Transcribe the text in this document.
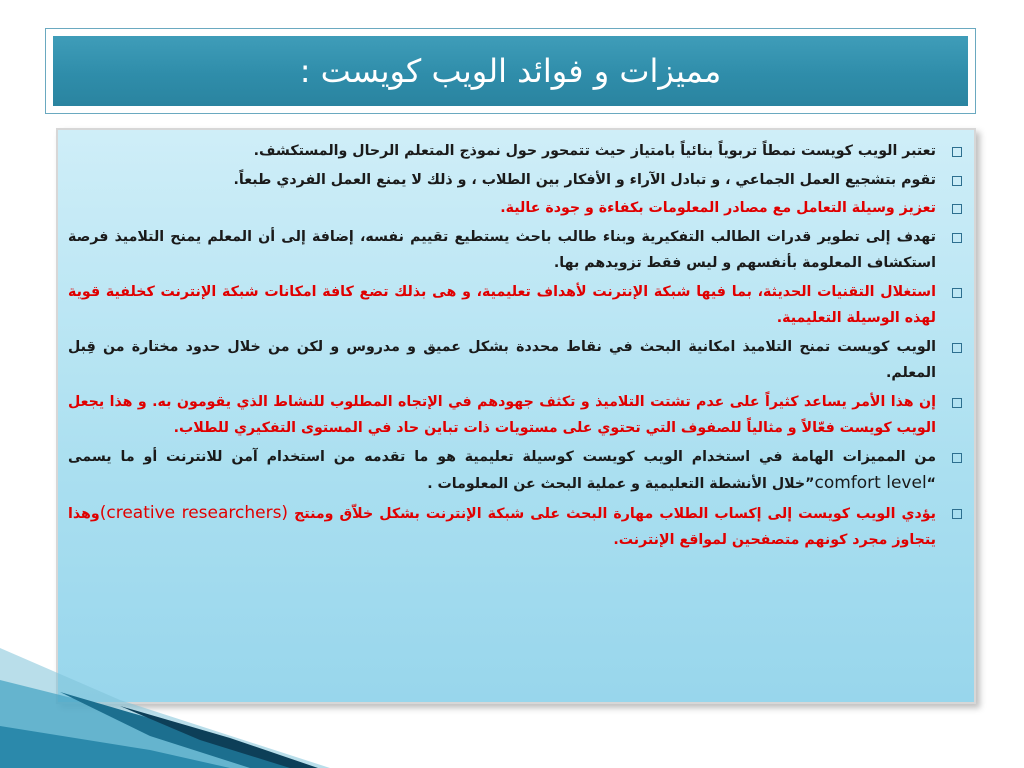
مميزات و فوائد الويب كويست :
تعتبر الويب كويست نمطاً تربوياً بنائياً بامتياز حيث تتمحور حول نموذج المتعلم الرحال والمستكشف.
تقوم بتشجيع العمل الجماعي ، و تبادل الآراء و الأفكار بين الطلاب ، و ذلك لا يمنع العمل الفردي طبعاً.
تعزيز وسيلة التعامل مع مصادر المعلومات بكفاءة و جودة عالية.
تهدف إلى تطوير قدرات الطالب التفكيرية وبناء طالب باحث يستطيع تقييم نفسه، إضافة إلى أن المعلم يمنح التلاميذ فرصة استكشاف المعلومة بأنفسهم و ليس فقط تزويدهم بها.
استغلال التقنيات الحديثة، بما فيها شبكة الإنترنت لأهداف تعليمية، و هى بذلك تضع كافة امكانات شبكة الإنترنت كخلفية قوية لهذه الوسيلة التعليمية.
الويب كويست تمنح التلاميذ امكانية البحث في نقاط محددة بشكل عميق و مدروس و لكن من خلال حدود مختارة من قِبل المعلم.
إن هذا الأمر يساعد كثيراً على عدم تشتت التلاميذ و تكثف جهودهم في الإتجاه المطلوب للنشاط الذي يقومون به. و هذا يجعل الويب كويست فعّالاً و مثالياً للصفوف التي تحتوي على مستويات ذات تباين حاد في المستوى التفكيري للطلاب.
من المميزات الهامة في استخدام الويب كويست كوسيلة تعليمية هو ما تقدمه من استخدام آمن للانترنت أو ما يسمى “comfort level”خلال الأنشطة التعليمية و عملية البحث عن المعلومات .
يؤدي الويب كويست إلى إكساب الطلاب مهارة البحث على شبكة الإنترنت بشكل خلاّق ومنتج (creative researchers)وهذا يتجاوز مجرد كونهم متصفحين لمواقع الإنترنت.
